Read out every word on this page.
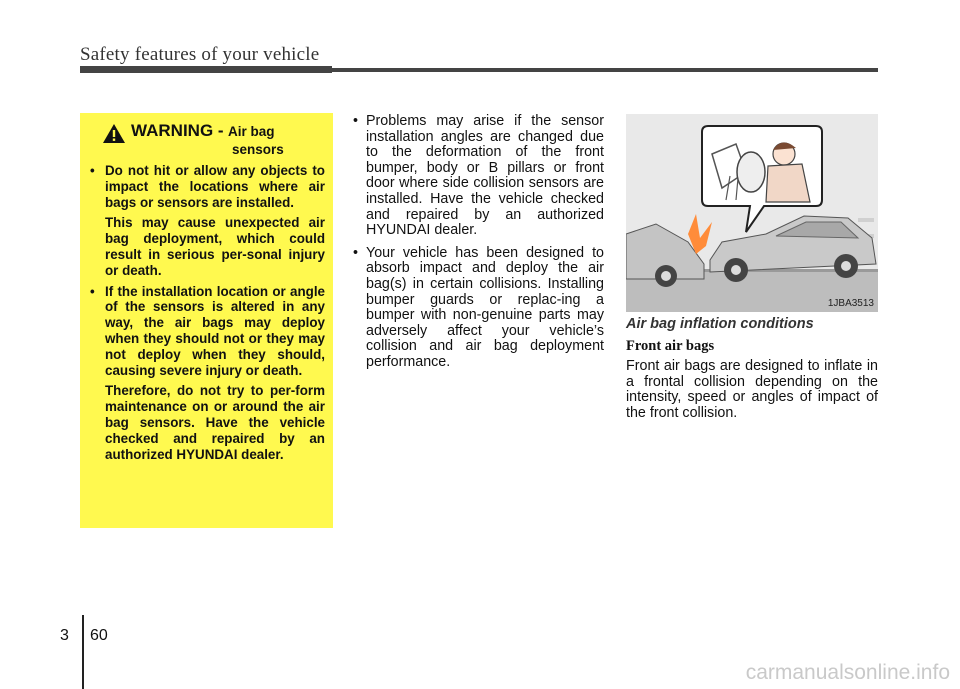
Safety features of your vehicle
WARNING - Air bag
sensors

• Do not hit or allow any objects to impact the locations where air bags or sensors are installed.

This may cause unexpected air bag deployment, which could result in serious per-sonal injury or death.

• If the installation location or angle of the sensors is altered in any way, the air bags may deploy when they should not or they may not deploy when they should, causing severe injury or death.

Therefore, do not try to per-form maintenance on or around the air bag sensors. Have the vehicle checked and repaired by an authorized HYUNDAI dealer.

• Problems may arise if the sensor installation angles are changed due to the deformation of the front bumper, body or B pillars or front door where side collision sensors are installed. Have the vehicle checked and repaired by an authorized HYUNDAI dealer.
• Your vehicle has been designed to absorb impact and deploy the air bag(s) in certain collisions. Installing bumper guards or replac-ing a bumper with non-genuine parts may adversely affect your vehicle’s collision and air bag deployment performance.
1JBA3513
Air bag inflation conditions
Front air bags

Front air bags are designed to inflate in a frontal collision depending on the intensity, speed or angles of impact of the front collision.

3 60
carmanualsonline.info
